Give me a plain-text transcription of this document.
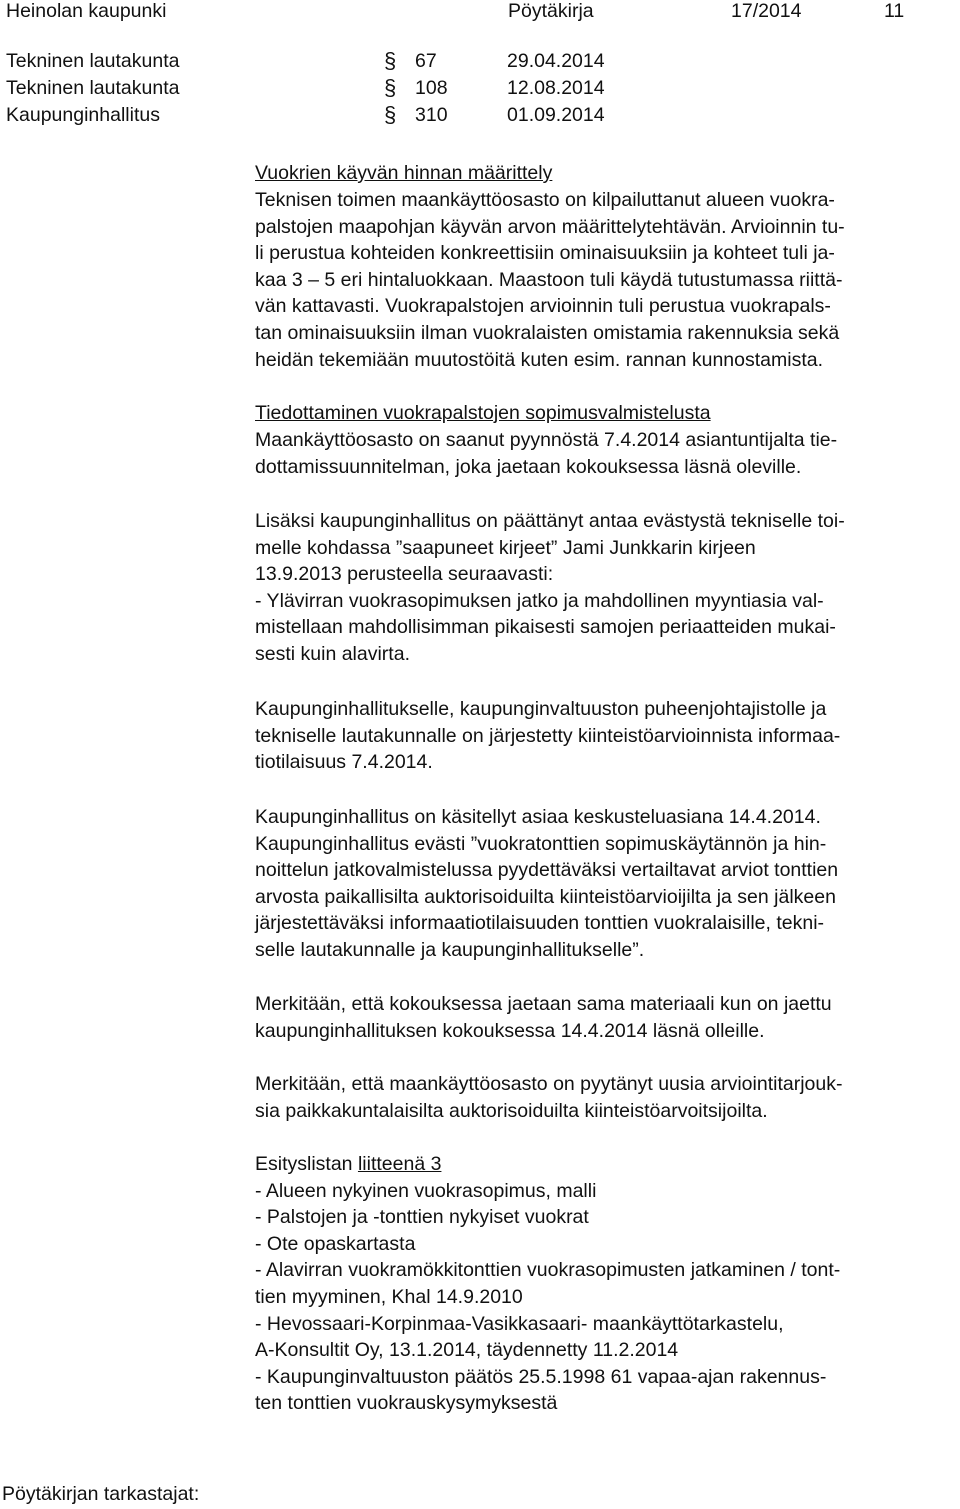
Heinolan kaupunki	Pöytäkirja	17/2014	11
Tekninen lautakunta	§ 67	29.04.2014
Tekninen lautakunta	§ 108	12.08.2014
Kaupunginhallitus	§ 310	01.09.2014
Vuokrien käyvän hinnan määrittely
Teknisen toimen maankäyttöosasto on kilpailuttanut alueen vuokra-
palstojen maapohjan käyvän arvon määrittelytehtävän. Arvioinnin tu-
li perustua kohteiden konkreettisiin ominaisuuksiin ja kohteet tuli ja-
kaa 3 – 5 eri hintaluokkaan. Maastoon tuli käydä tutustumassa riittä-
vän kattavasti. Vuokrapalstojen arvioinnin tuli perustua vuokrapals-
tan ominaisuuksiin ilman vuokralaisten omistamia rakennuksia sekä
heidän tekemiään muutostöitä kuten esim. rannan kunnostamista.
Tiedottaminen vuokrapalstojen sopimusvalmistelusta
Maankäyttöosasto on saanut pyynnöstä 7.4.2014 asiantuntijalta tie-
dottamissuunnitelman, joka jaetaan kokouksessa läsnä oleville.
Lisäksi kaupunginhallitus on päättänyt antaa evästystä tekniselle toi-
melle kohdassa ”saapuneet kirjeet” Jami Junkkarin kirjeen
13.9.2013 perusteella seuraavasti:
- Ylävirran vuokrasopimuksen jatko ja mahdollinen myyntiasia val-
mistellaan mahdollisimman pikaisesti samojen periaatteiden mukai-
sesti kuin alavirta.
Kaupunginhallitukselle, kaupunginvaltuuston puheenjohtajistolle ja
tekniselle lautakunnalle on järjestetty kiinteistöarvioinnista informaa-
tiotilaisuus 7.4.2014.
Kaupunginhallitus on käsitellyt asiaa keskusteluasiana 14.4.2014.
Kaupunginhallitus evästi ”vuokratonttien sopimuskäytännön ja hin-
noittelun jatkovalmistelussa pyydettäväksi vertailtavat arviot tonttien
arvosta paikallisilta auktorisoiduilta kiinteistöarvioijilta ja sen jälkeen
järjestettäväksi informaatiotilaisuuden tonttien vuokralaisille, tekni-
selle lautakunnalle ja kaupunginhallitukselle”.
Merkitään, että kokouksessa jaetaan sama materiaali kun on jaettu
kaupunginhallituksen kokouksessa 14.4.2014 läsnä olleille.
Merkitään, että maankäyttöosasto on pyytänyt uusia arviointitarjouk-
sia paikkakuntalaisilta auktorisoiduilta kiinteistöarvoitsijoilta.
Esityslistan liitteenä 3
- Alueen nykyinen vuokrasopimus, malli
- Palstojen ja -tonttien nykyiset vuokrat
- Ote opaskartasta
- Alavirran vuokramökkitonttien vuokrasopimusten jatkaminen / tont-
tien myyminen, Khal 14.9.2010
- Hevossaari-Korpinmaa-Vasikkasaari- maankäyttötarkastelu,
A-Konsultit Oy, 13.1.2014, täydennetty 11.2.2014
- Kaupunginvaltuuston päätös 25.5.1998 61 vapaa-ajan rakennus-
ten tonttien vuokrauskysymyksestä
Pöytäkirjan tarkastajat:
